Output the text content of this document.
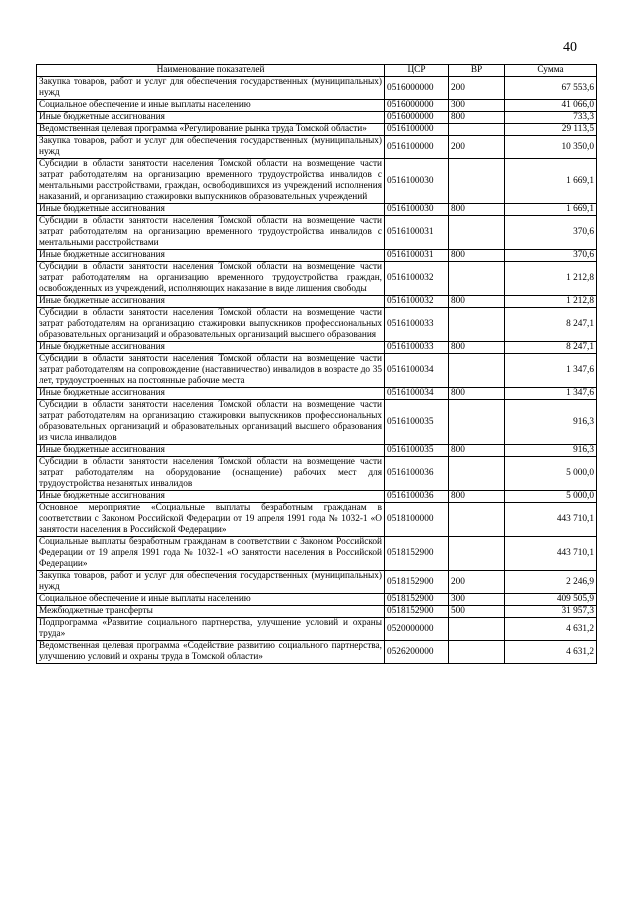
40
Наименование показателей	ЦСР	ВР	Сумма
Закупка товаров, работ и услуг для обеспечения государственных (муниципальных) нужд	0516000000	200	67 553,6
Социальное обеспечение и иные выплаты населению	0516000000	300	41 066,0
Иные бюджетные ассигнования	0516000000	800	733,3
Ведомственная целевая программа «Регулирование рынка труда Томской области»	0516100000		29 113,5
Закупка товаров, работ и услуг для обеспечения государственных (муниципальных) нужд	0516100000	200	10 350,0
Субсидии в области занятости населения Томской области на возмещение части затрат работодателям на организацию временного трудоустройства инвалидов с ментальными расстройствами, граждан, освободившихся из учреждений исполнения наказаний, и организацию стажировки выпускников образовательных учреждений	0516100030		1 669,1
Иные бюджетные ассигнования	0516100030	800	1 669,1
Субсидии в области занятости населения Томской области на возмещение части затрат работодателям на организацию временного трудоустройства инвалидов с ментальными расстройствами	0516100031		370,6
Иные бюджетные ассигнования	0516100031	800	370,6
Субсидии в области занятости населения Томской области на возмещение части затрат работодателям на организацию временного трудоустройства граждан, освобожденных из учреждений, исполняющих наказание в виде лишения свободы	0516100032		1 212,8
Иные бюджетные ассигнования	0516100032	800	1 212,8
Субсидии в области занятости населения Томской области на возмещение части затрат работодателям на организацию стажировки выпускников профессиональных образовательных организаций и образовательных организаций высшего образования	0516100033		8 247,1
Иные бюджетные ассигнования	0516100033	800	8 247,1
Субсидии в области занятости населения Томской области на возмещение части затрат работодателям на сопровождение (наставничество) инвалидов в возрасте до 35 лет, трудоустроенных на постоянные рабочие места	0516100034		1 347,6
Иные бюджетные ассигнования	0516100034	800	1 347,6
Субсидии в области занятости населения Томской области на возмещение части затрат работодателям на организацию стажировки выпускников профессиональных образовательных организаций и образовательных организаций высшего образования из числа инвалидов	0516100035		916,3
Иные бюджетные ассигнования	0516100035	800	916,3
Субсидии в области занятости населения Томской области на возмещение части затрат работодателям на оборудование (оснащение) рабочих мест для трудоустройства незанятых инвалидов	0516100036		5 000,0
Иные бюджетные ассигнования	0516100036	800	5 000,0
Основное мероприятие «Социальные выплаты безработным гражданам в соответствии с Законом Российской Федерации от 19 апреля 1991 года № 1032-1 «О занятости населения в Российской Федерации»	0518100000		443 710,1
Социальные выплаты безработным гражданам в соответствии с Законом Российской Федерации от 19 апреля 1991 года № 1032-1 «О занятости населения в Российской Федерации»	0518152900		443 710,1
Закупка товаров, работ и услуг для обеспечения государственных (муниципальных) нужд	0518152900	200	2 246,9
Социальное обеспечение и иные выплаты населению	0518152900	300	409 505,9
Межбюджетные трансферты	0518152900	500	31 957,3
Подпрограмма «Развитие социального партнерства, улучшение условий и охраны труда»	0520000000		4 631,2
Ведомственная целевая программа «Содействие развитию социального партнерства, улучшению условий и охраны труда в Томской области»	0526200000		4 631,2
